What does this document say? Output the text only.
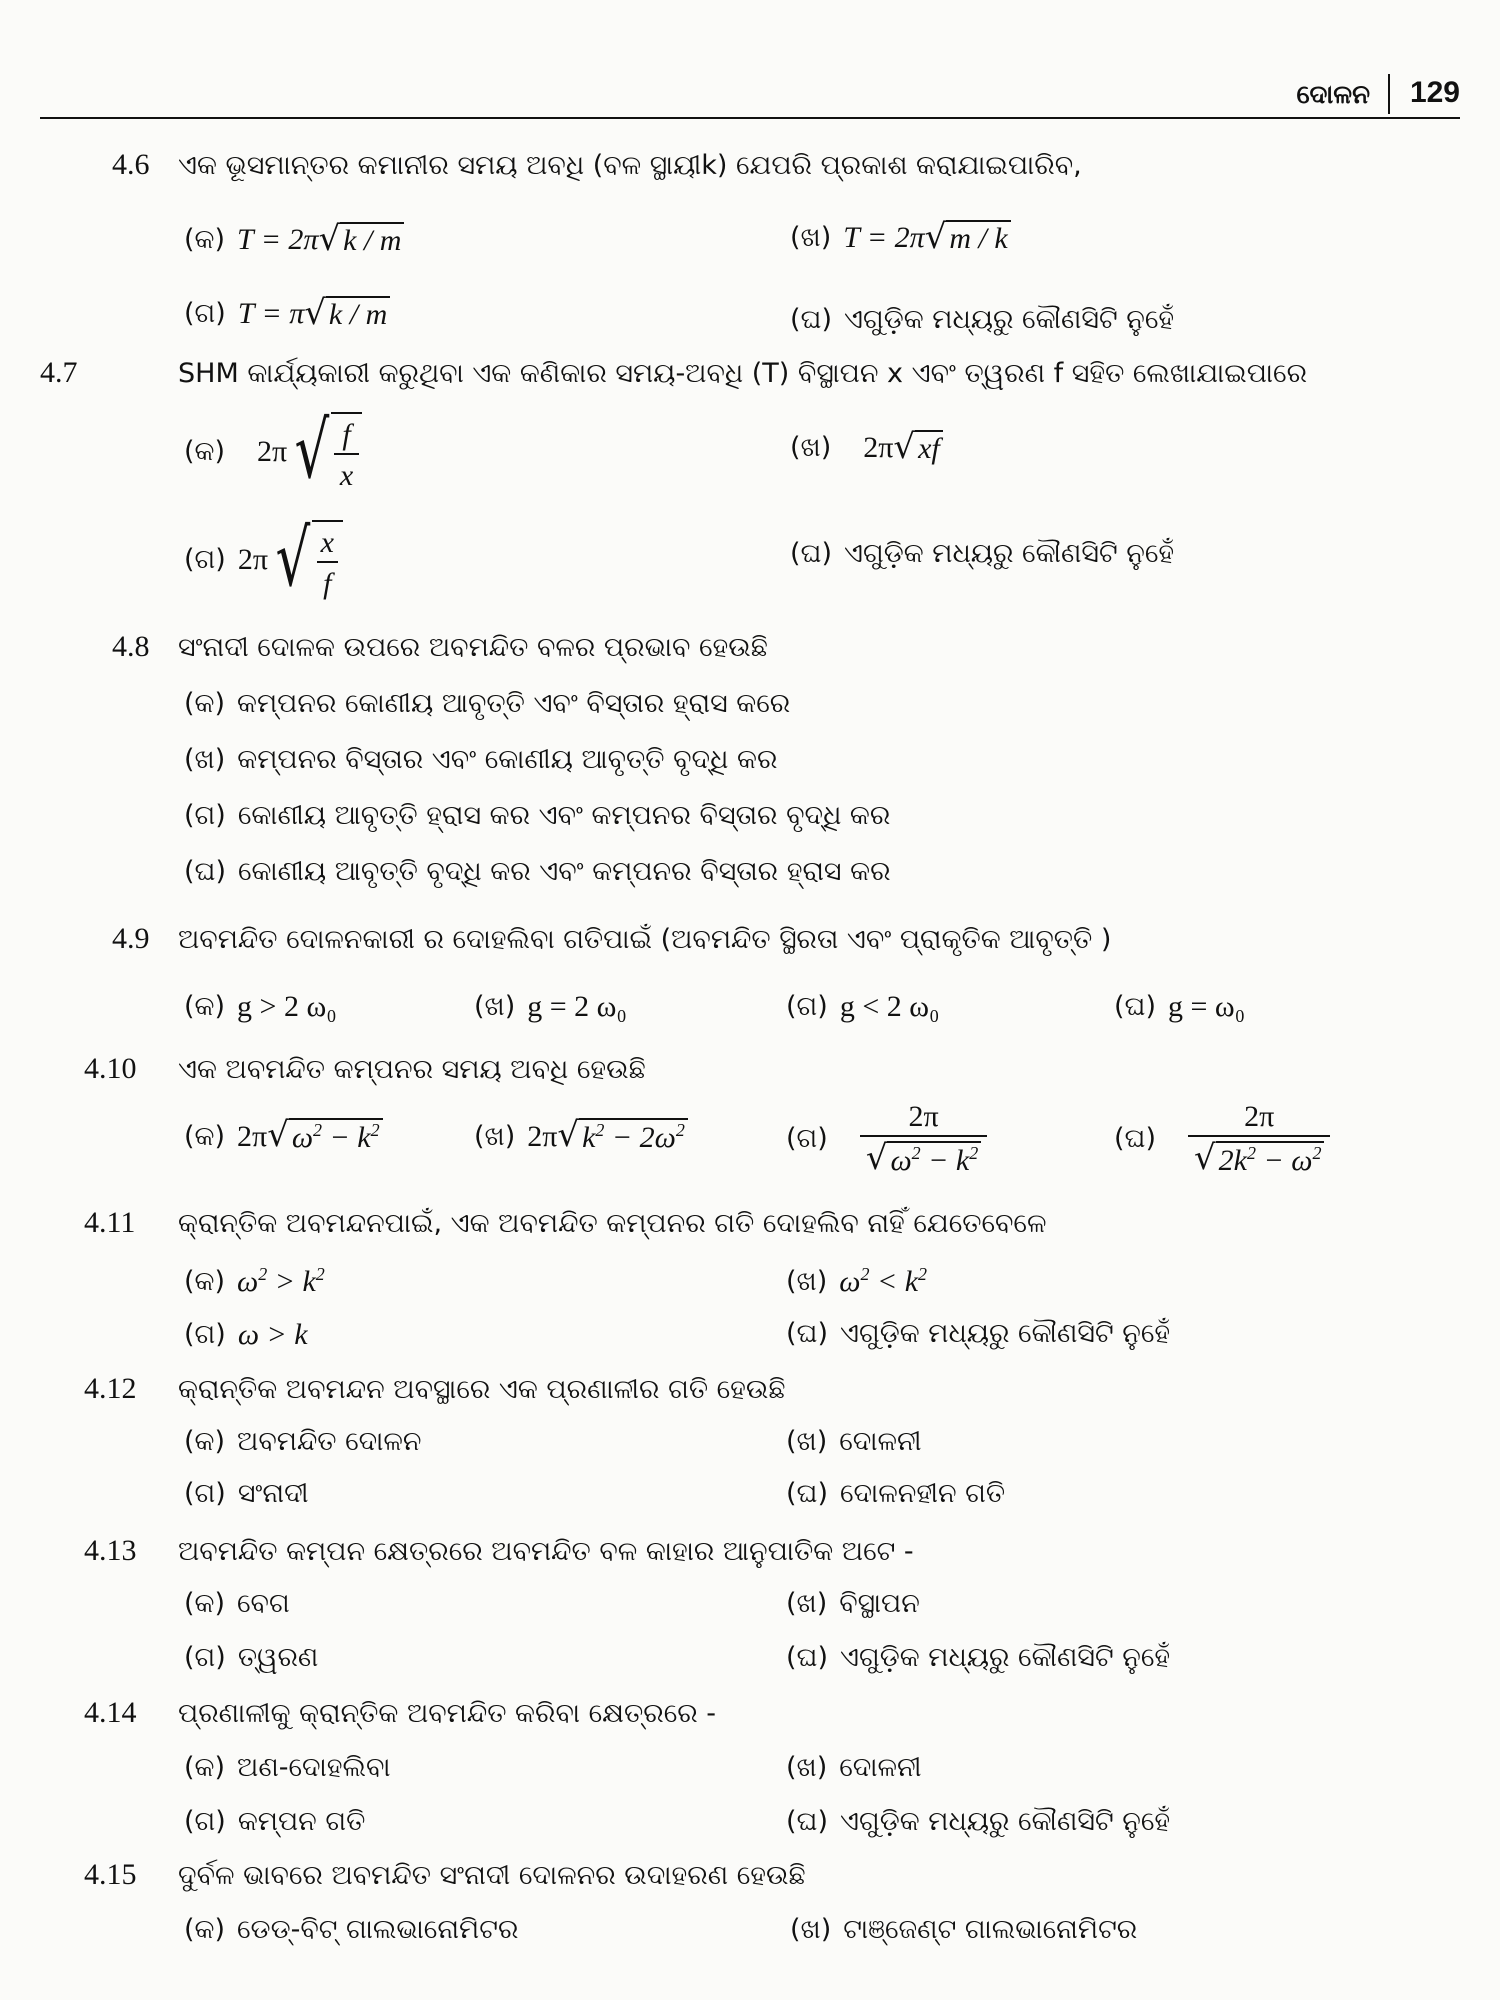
ଦୋଳନ 129
4.6 ଏକ ଭୂସମାନ୍ତର କମାନୀର ସମୟ ଅବଧି (ବଳ ସ୍ଥାୟୀk) ଯେପରି ପ୍ରକାଶ କରାଯାଇପାରିବ,
(କ) T = 2π √ k / m	(ଖ) T = 2π √ m / k
(ଗ) T = π √ k / m	(ଘ) ଏଗୁଡ଼ିକ ମଧ୍ୟରୁ କୌଣସିଟି ନୁହେଁ
4.7	SHM କାର୍ଯ୍ୟକାରୀ କରୁଥିବା ଏକ କଣିକାର ସମୟ-ଅବଧି (T) ବିସ୍ଥାପନ x ଏବଂ ତ୍ୱରଣ f ସହିତ ଲେଖାଯାଇପାରେ
(କ) 2π √ $\frac{f}{x}$	(ଖ) 2π √ xf
(ଗ) 2π √ $\frac{x}{f}$	(ଘ) ଏଗୁଡ଼ିକ ମଧ୍ୟରୁ କୌଣସିଟି ନୁହେଁ
4.8 ସଂନାଦୀ ଦୋଳକ ଉପରେ ଅବମନ୍ଦିତ ବଳର ପ୍ରଭାବ ହେଉଛି
(କ) କମ୍ପନର କୋଣୀୟ ଆବୃତ୍ତି ଏବଂ ବିସ୍ତାର ହ୍ରାସ କରେ
(ଖ) କମ୍ପନର ବିସ୍ତାର ଏବଂ କୋଣୀୟ ଆବୃତ୍ତି ବୃଦ୍ଧି କର
(ଗ) କୋଣୀୟ ଆବୃତ୍ତି ହ୍ରାସ କର ଏବଂ କମ୍ପନର ବିସ୍ତାର ବୃଦ୍ଧି କର
(ଘ) କୋଣୀୟ ଆବୃତ୍ତି ବୃଦ୍ଧି କର ଏବଂ କମ୍ପନର ବିସ୍ତାର ହ୍ରାସ କର
4.9 ଅବମନ୍ଦିତ ଦୋଳନକାରୀ ର ଦୋହଲିବା ଗତିପାଇଁ (ଅବମନ୍ଦିତ ସ୍ଥିରତା ଏବଂ ପ୍ରାକୃତିକ ଆବୃତ୍ତି )
(କ) g > 2 ω₀	(ଖ) g = 2 ω₀	(ଗ) g < 2 ω₀	(ଘ) g = ω₀
4.10 ଏକ ଅବମନ୍ଦିତ କମ୍ପନର ସମୟ ଅବଧି ହେଉଛି
(କ) 2π √ $\omega^2 - k^2$	(ଖ) 2π √ $k^2 - 2\omega^2$	(ଗ) $\frac{2\pi}{√ \omega^2 - k^2}$	(ଘ) $\frac{2\pi}{√ 2k^2 - \omega^2}$
4.11 କ୍ରାନ୍ତିକ ଅବମନ୍ଦନପାଇଁ, ଏକ ଅବମନ୍ଦିତ କମ୍ପନର ଗତି ଦୋହଲିବ ନାହିଁ ଯେତେବେଳେ
(କ) $\omega^2 > k^2$	(ଖ) $\omega^2 < k^2$
(ଗ) ω > k	(ଘ) ଏଗୁଡ଼ିକ ମଧ୍ୟରୁ କୌଣସିଟି ନୁହେଁ
4.12 କ୍ରାନ୍ତିକ ଅବମନ୍ଦନ ଅବସ୍ଥାରେ ଏକ ପ୍ରଣାଳୀର ଗତି ହେଉଛି
(କ) ଅବମନ୍ଦିତ ଦୋଳନ	(ଖ) ଦୋଳନୀ
(ଗ) ସଂନାଦୀ	(ଘ) ଦୋଳନହୀନ ଗତି
4.13 ଅବମନ୍ଦିତ କମ୍ପନ କ୍ଷେତ୍ରରେ ଅବମନ୍ଦିତ ବଳ କାହାର ଆନୁପାତିକ ଅଟେ -
(କ) ବେଗ	(ଖ) ବିସ୍ଥାପନ
(ଗ) ତ୍ୱରଣ	(ଘ) ଏଗୁଡ଼ିକ ମଧ୍ୟରୁ କୌଣସିଟି ନୁହେଁ
4.14 ପ୍ରଣାଳୀକୁ କ୍ରାନ୍ତିକ ଅବମନ୍ଦିତ କରିବା କ୍ଷେତ୍ରରେ -
(କ) ଅଣ-ଦୋହଲିବା	(ଖ) ଦୋଳନୀ
(ଗ) କମ୍ପନ ଗତି	(ଘ) ଏଗୁଡ଼ିକ ମଧ୍ୟରୁ କୌଣସିଟି ନୁହେଁ
4.15 ଦୁର୍ବଳ ଭାବରେ ଅବମନ୍ଦିତ ସଂନାଦୀ ଦୋଳନର ଉଦାହରଣ ହେଉଛି
(କ) ଡେଡ୍-ବିଟ୍ ଗାଲଭାନୋମିଟର	(ଖ) ଟାଞ୍ଜେଣ୍ଟ ଗାଲଭାନୋମିଟର
